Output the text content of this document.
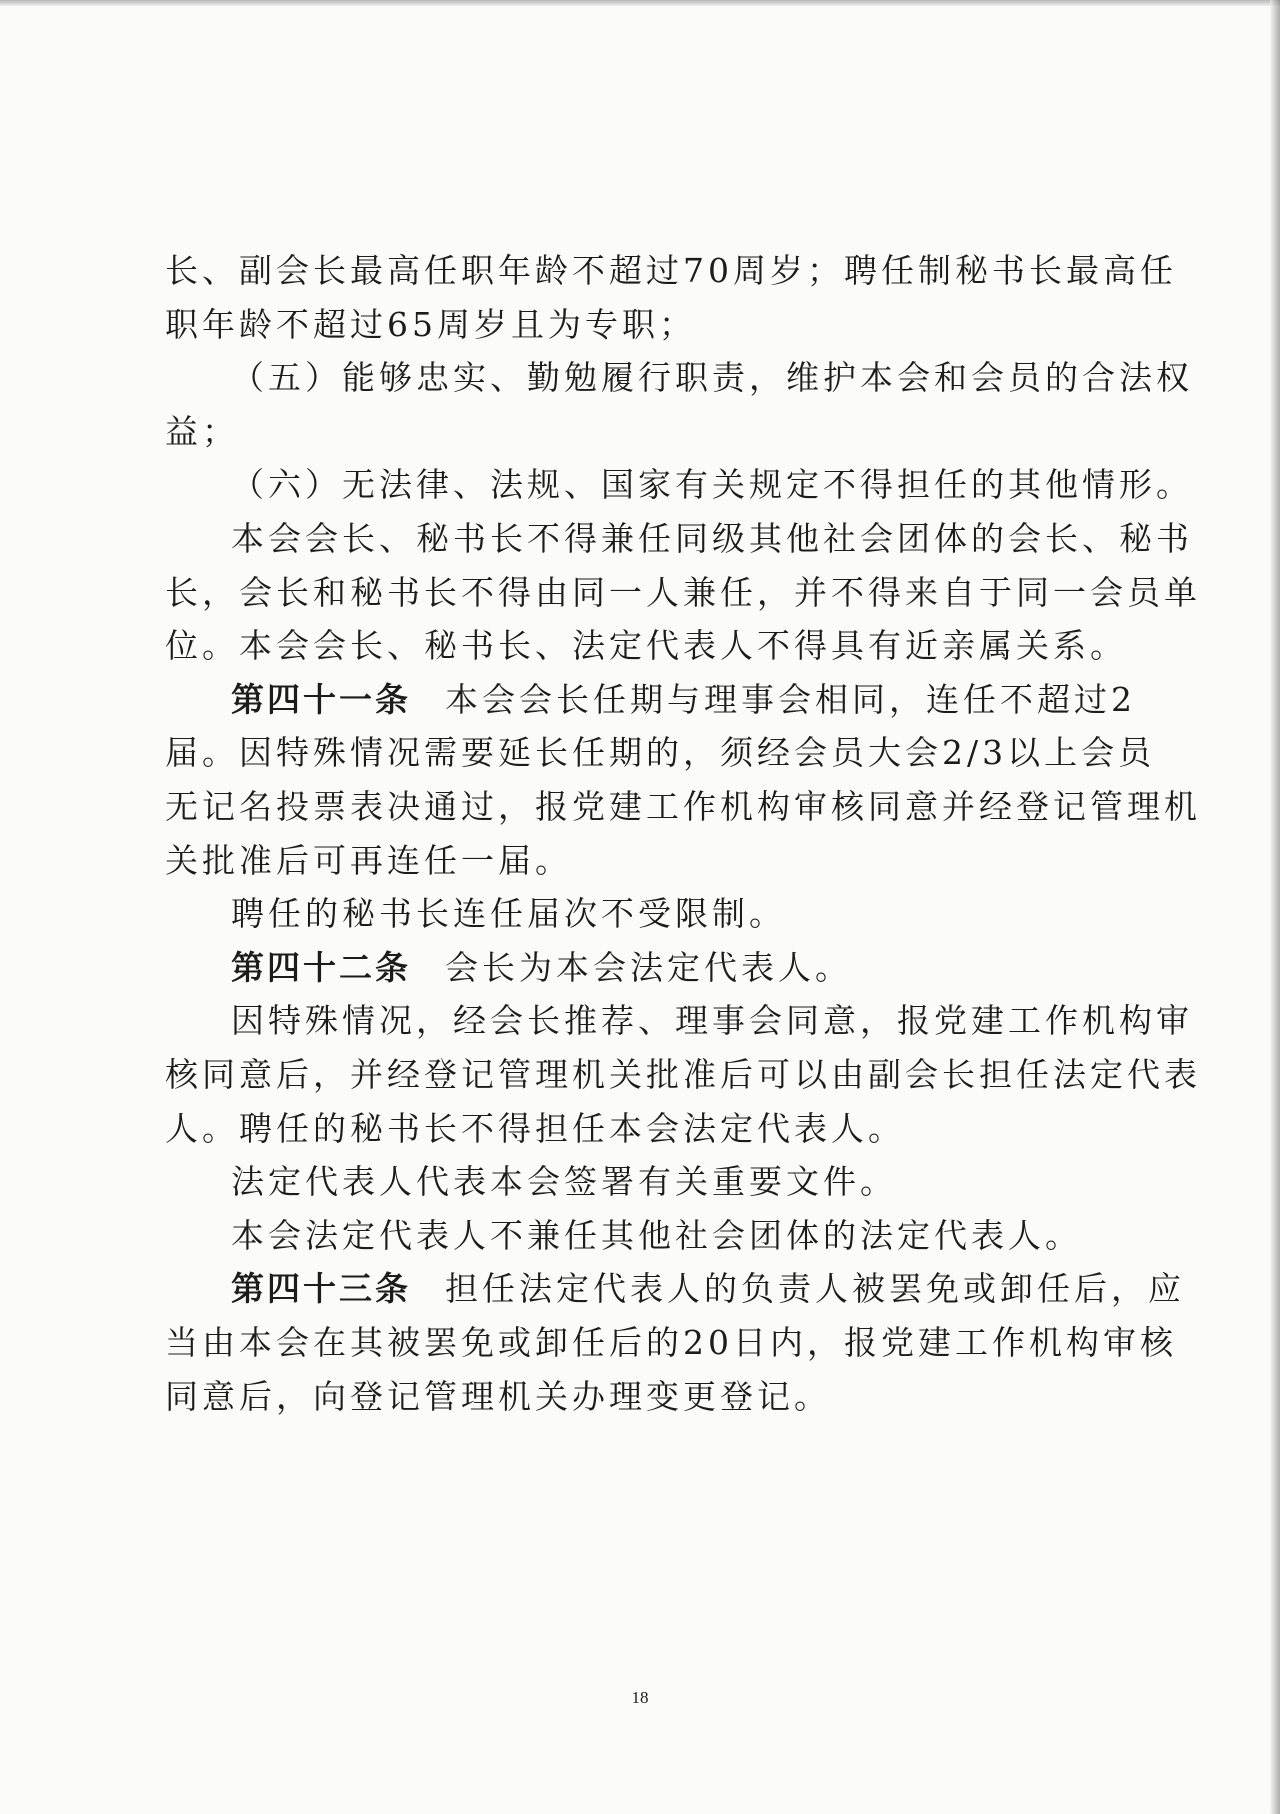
长、副会长最高任职年龄不超过70周岁；聘任制秘书长最高任
职年龄不超过65周岁且为专职；
（五）能够忠实、勤勉履行职责，维护本会和会员的合法权
益；
（六）无法律、法规、国家有关规定不得担任的其他情形。
本会会长、秘书长不得兼任同级其他社会团体的会长、秘书
长，会长和秘书长不得由同一人兼任，并不得来自于同一会员单
位。本会会长、秘书长、法定代表人不得具有近亲属关系。
第四十一条 本会会长任期与理事会相同，连任不超过2
届。因特殊情况需要延长任期的，须经会员大会2/3以上会员
无记名投票表决通过，报党建工作机构审核同意并经登记管理机
关批准后可再连任一届。
聘任的秘书长连任届次不受限制。
第四十二条 会长为本会法定代表人。
因特殊情况，经会长推荐、理事会同意，报党建工作机构审
核同意后，并经登记管理机关批准后可以由副会长担任法定代表
人。聘任的秘书长不得担任本会法定代表人。
法定代表人代表本会签署有关重要文件。
本会法定代表人不兼任其他社会团体的法定代表人。
第四十三条 担任法定代表人的负责人被罢免或卸任后，应
当由本会在其被罢免或卸任后的20日内，报党建工作机构审核
同意后，向登记管理机关办理变更登记。
18
